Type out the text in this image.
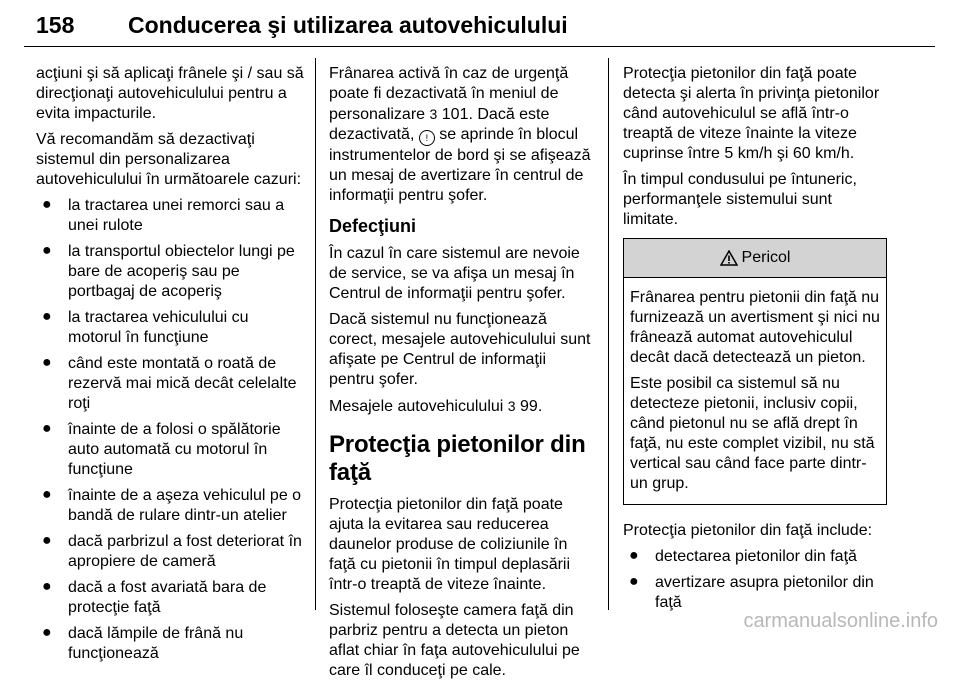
158 Conducerea şi utilizarea autovehiculului

acţiuni şi să aplicaţi frânele şi / sau să direcţionaţi autovehiculului pentru a evita impacturile.

Vă recomandăm să dezactivaţi sistemul din personalizarea autovehiculului în următoarele cazuri:

● la tractarea unei remorci sau a unei rulote
● la transportul obiectelor lungi pe bare de acoperiş sau pe portbagaj de acoperiş
● la tractarea vehiculului cu motorul în funcţiune
● când este montată o roată de rezervă mai mică decât celelalte roţi
● înainte de a folosi o spălătorie auto automată cu motorul în funcţiune
● înainte de a aşeza vehiculul pe o bandă de rulare dintr-un atelier
● dacă parbrizul a fost deteriorat în apropiere de cameră
● dacă a fost avariată bara de protecţie faţă
● dacă lămpile de frână nu funcţionează

Frânarea activă în caz de urgenţă poate fi dezactivată în meniul de personalizare 3 101. Dacă este dezactivată, ! se aprinde în blocul instrumentelor de bord şi se afişează un mesaj de avertizare în centrul de informaţii pentru şofer.

Defecţiuni

În cazul în care sistemul are nevoie de service, se va afişa un mesaj în Centrul de informaţii pentru şofer.

Dacă sistemul nu funcţionează corect, mesajele autovehiculului sunt afişate pe Centrul de informaţii pentru şofer.

Mesajele autovehiculului 3 99.

Protecţia pietonilor din faţă

Protecţia pietonilor din faţă poate ajuta la evitarea sau reducerea daunelor produse de coliziunile în faţă cu pietonii în timpul deplasării într-o treaptă de viteze înainte.

Sistemul foloseşte camera faţă din parbriz pentru a detecta un pieton aflat chiar în faţa autovehiculului pe care îl conduceţi pe cale.

Protecţia pietonilor din faţă poate detecta şi alerta în privinţa pietonilor când autovehiculul se află într-o treaptă de viteze înainte la viteze cuprinse între 5 km/h şi 60 km/h.

În timpul condusului pe întuneric, performanţele sistemului sunt limitate.

Pericol

Frânarea pentru pietonii din faţă nu furnizează un avertisment şi nici nu frânează automat autovehiculul decât dacă detectează un pieton.

Este posibil ca sistemul să nu detecteze pietonii, inclusiv copii, când pietonul nu se află drept în faţă, nu este complet vizibil, nu stă vertical sau când face parte dintr-un grup.

Protecţia pietonilor din faţă include:

● detectarea pietonilor din faţă
● avertizare asupra pietonilor din faţă
carmanualsonline.info
